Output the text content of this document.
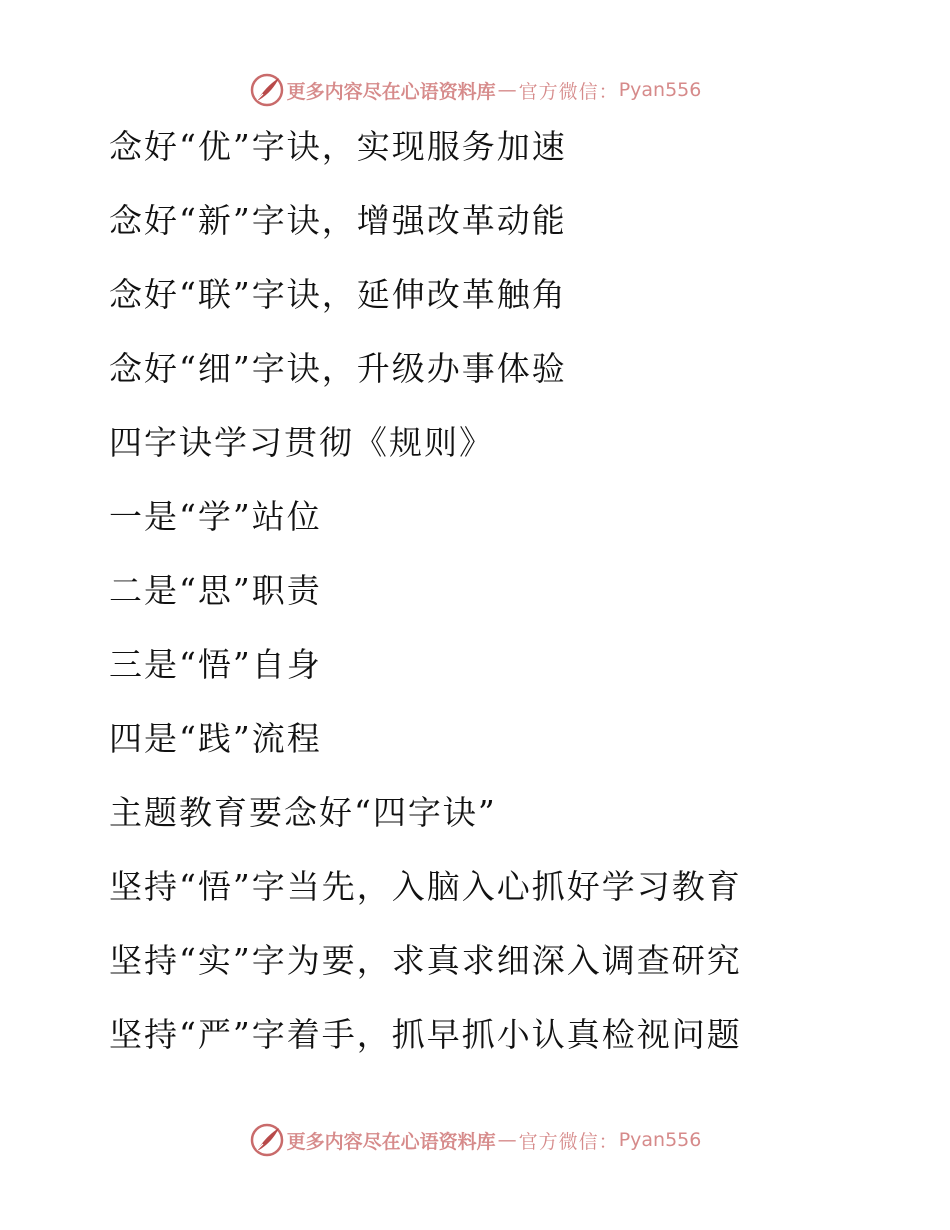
更多内容尽在心语资料库 — 官方微信： Pyan556
念好“优”字诀，实现服务加速
念好“新”字诀，增强改革动能
念好“联”字诀，延伸改革触角
念好“细”字诀，升级办事体验
四字诀学习贯彻《规则》
一是“学”站位
二是“思”职责
三是“悟”自身
四是“践”流程
主题教育要念好“四字诀”
坚持“悟”字当先，入脑入心抓好学习教育
坚持“实”字为要，求真求细深入调查研究
坚持“严”字着手，抓早抓小认真检视问题
更多内容尽在心语资料库 — 官方微信： Pyan556
